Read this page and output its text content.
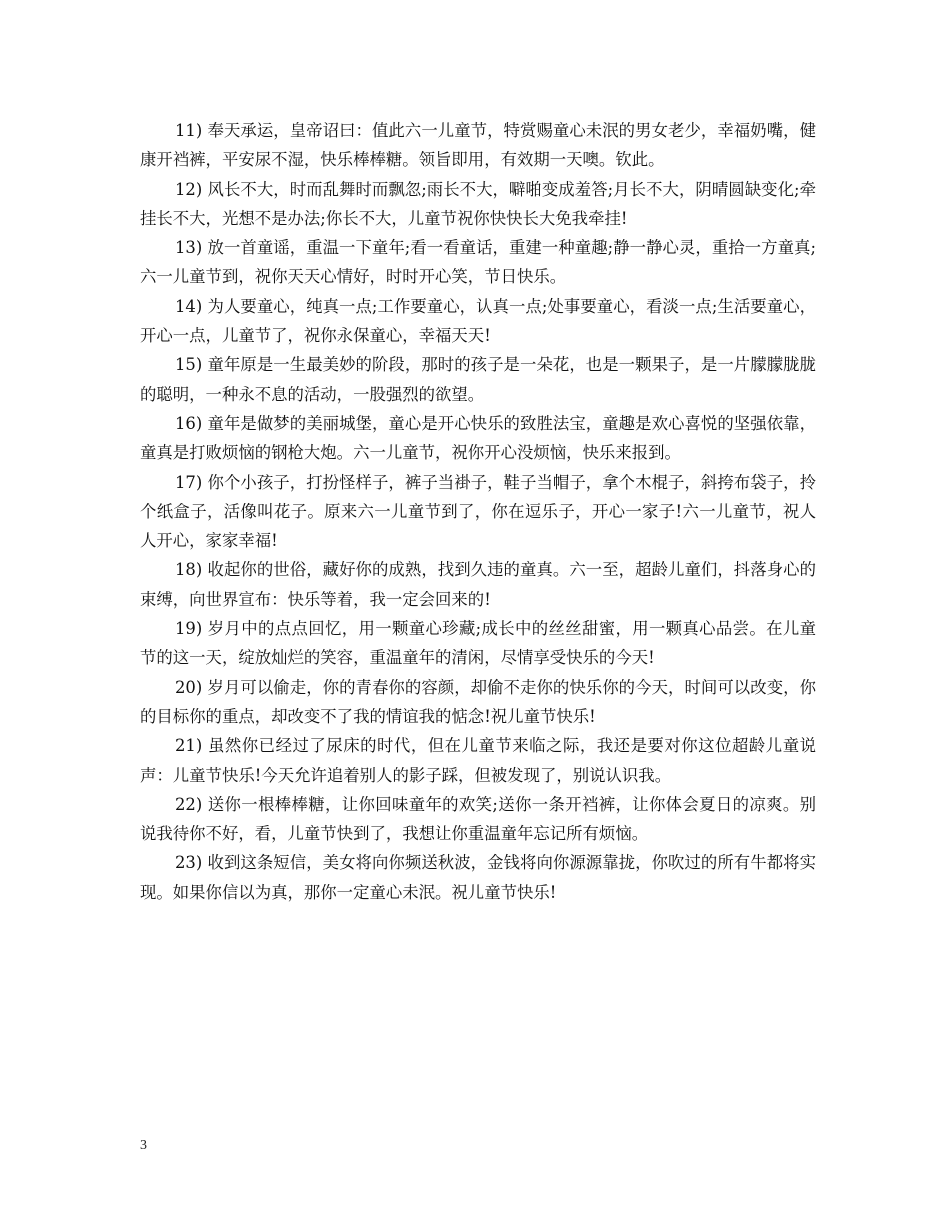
11) 奉天承运，皇帝诏曰：值此六一儿童节，特赏赐童心未泯的男女老少，幸福奶嘴，健康开裆裤，平安尿不湿，快乐棒棒糖。领旨即用，有效期一天噢。钦此。

12) 风长不大，时而乱舞时而飘忽;雨长不大，噼啪变成羞答;月长不大，阴晴圆缺变化;牵挂长不大，光想不是办法;你长不大，儿童节祝你快快长大免我牵挂!

13) 放一首童谣，重温一下童年;看一看童话，重建一种童趣;静一静心灵，重拾一方童真;六一儿童节到，祝你天天心情好，时时开心笑，节日快乐。

14) 为人要童心，纯真一点;工作要童心，认真一点;处事要童心，看淡一点;生活要童心，开心一点，儿童节了，祝你永保童心，幸福天天!

15) 童年原是一生最美妙的阶段，那时的孩子是一朵花，也是一颗果子，是一片朦朦胧胧的聪明，一种永不息的活动，一股强烈的欲望。

16) 童年是做梦的美丽城堡，童心是开心快乐的致胜法宝，童趣是欢心喜悦的坚强依靠，童真是打败烦恼的钢枪大炮。六一儿童节，祝你开心没烦恼，快乐来报到。

17) 你个小孩子，打扮怪样子，裤子当褂子，鞋子当帽子，拿个木棍子，斜挎布袋子，拎个纸盒子，活像叫花子。原来六一儿童节到了，你在逗乐子，开心一家子!六一儿童节，祝人人开心，家家幸福!

18) 收起你的世俗，藏好你的成熟，找到久违的童真。六一至，超龄儿童们，抖落身心的束缚，向世界宣布：快乐等着，我一定会回来的!

19) 岁月中的点点回忆，用一颗童心珍藏;成长中的丝丝甜蜜，用一颗真心品尝。在儿童节的这一天，绽放灿烂的笑容，重温童年的清闲，尽情享受快乐的今天!

20) 岁月可以偷走，你的青春你的容颜，却偷不走你的快乐你的今天，时间可以改变，你的目标你的重点，却改变不了我的情谊我的惦念!祝儿童节快乐!

21) 虽然你已经过了尿床的时代，但在儿童节来临之际，我还是要对你这位超龄儿童说声：儿童节快乐!今天允许追着别人的影子踩，但被发现了，别说认识我。

22) 送你一根棒棒糖，让你回味童年的欢笑;送你一条开裆裤，让你体会夏日的凉爽。别说我待你不好，看，儿童节快到了，我想让你重温童年忘记所有烦恼。

23) 收到这条短信，美女将向你频送秋波，金钱将向你源源靠拢，你吹过的所有牛都将实现。如果你信以为真，那你一定童心未泯。祝儿童节快乐!

3
